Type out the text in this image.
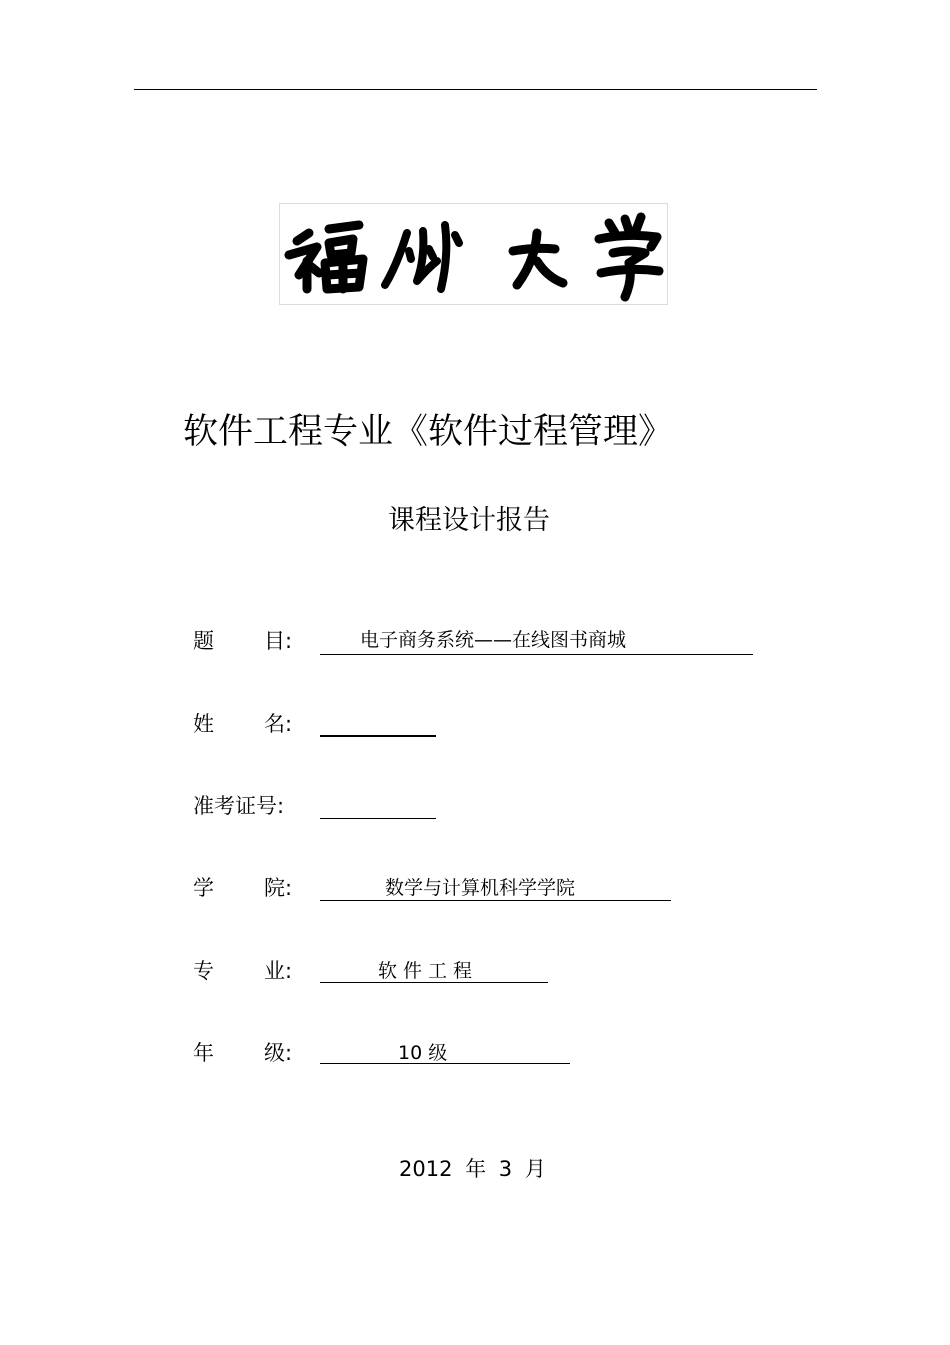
软件工程专业《软件过程管理》
课程设计报告
题 目:	电子商务系统——在线图书商城
姓 名:
准考证号:
学 院:	数学与计算机科学学院
专 业:	软件工程
年 级:	10 级
2012 年 3 月
